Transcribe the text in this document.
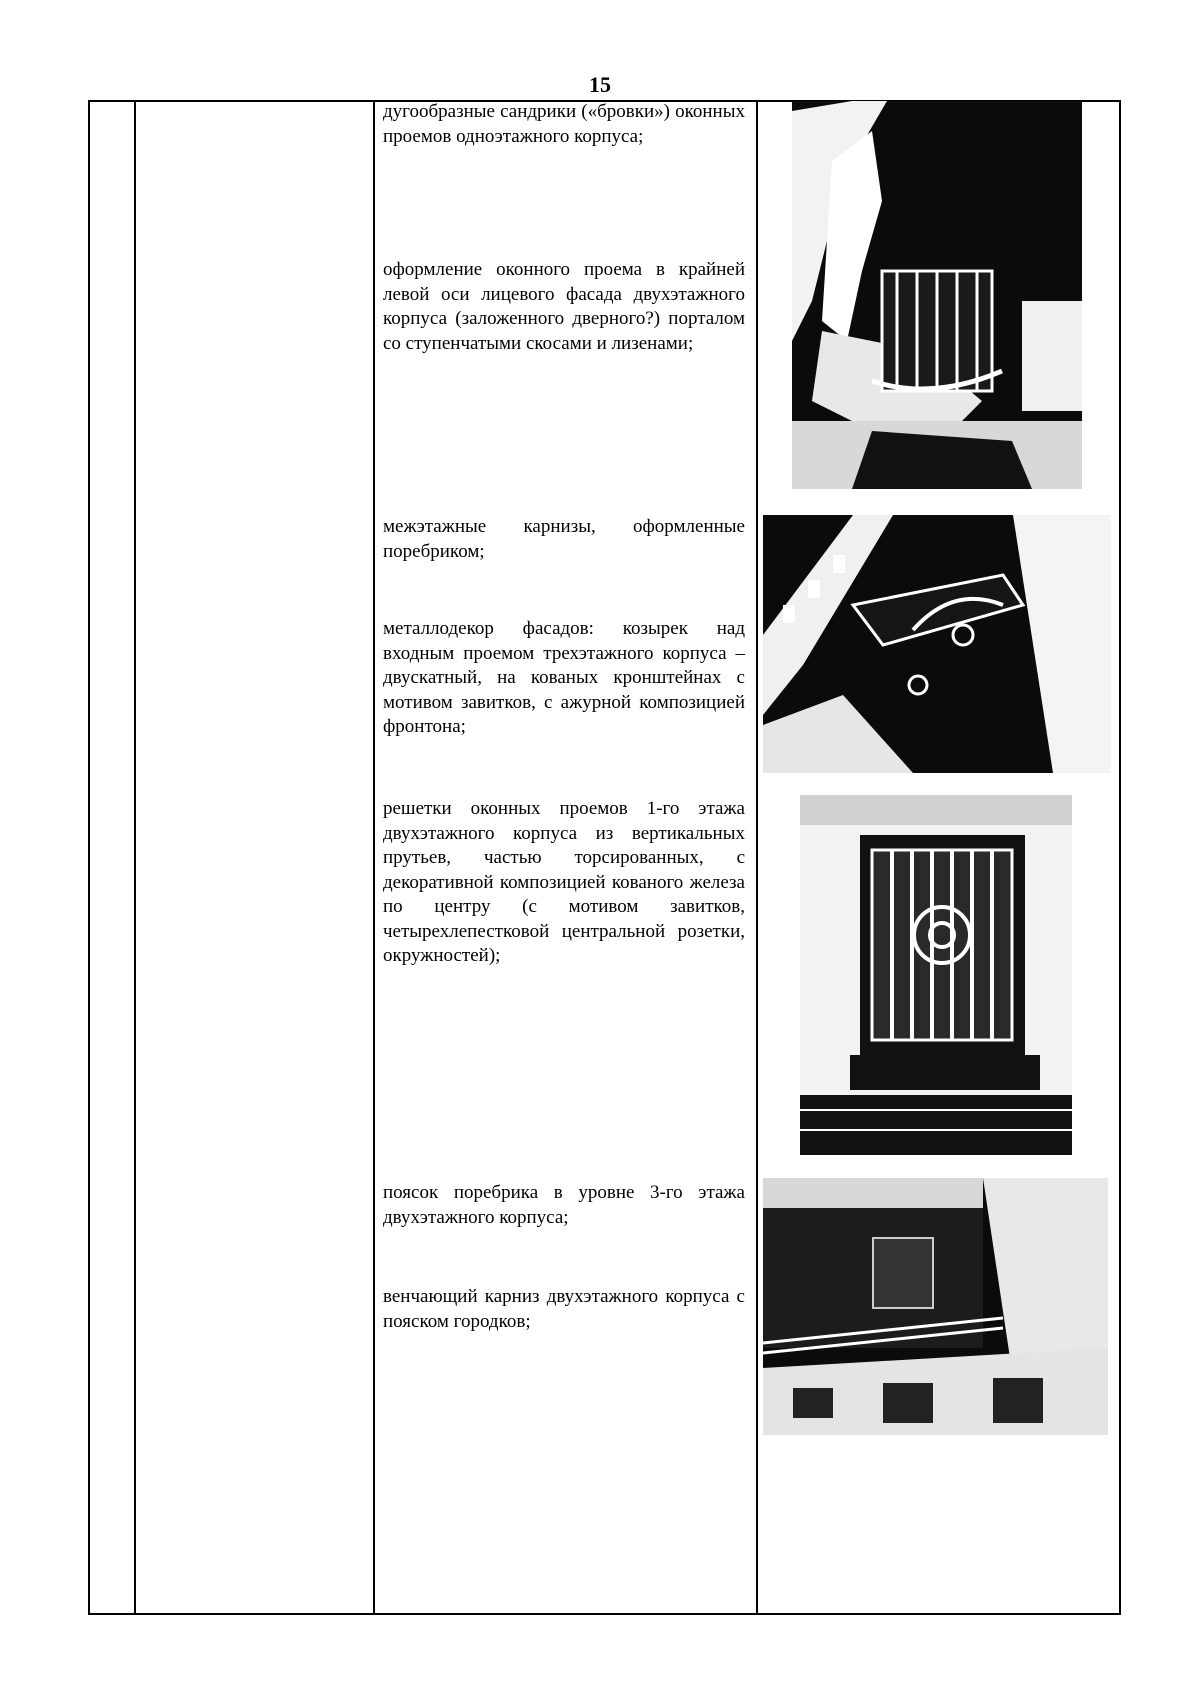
15
дугообразные сандрики («бровки») оконных проемов одноэтажного корпуса;
оформление оконного проема в крайней левой оси лицевого фасада двухэтажного корпуса (заложенного дверного?) порталом со ступенчатыми скосами и лизенами;
межэтажные карнизы, оформленные поребриком;
металлодекор фасадов: козырек над входным проемом трехэтажного корпуса – двускатный, на кованых кронштейнах с мотивом завитков, с ажурной композицией фронтона;
решетки оконных проемов 1-го этажа двухэтажного корпуса из вертикальных прутьев, частью торсированных, с декоративной композицией кованого железа по центру (с мотивом завитков, четырехлепестковой центральной розетки, окружностей);
поясок поребрика в уровне 3-го этажа двухэтажного корпуса;
венчающий карниз двухэтажного корпуса с пояском городков;
